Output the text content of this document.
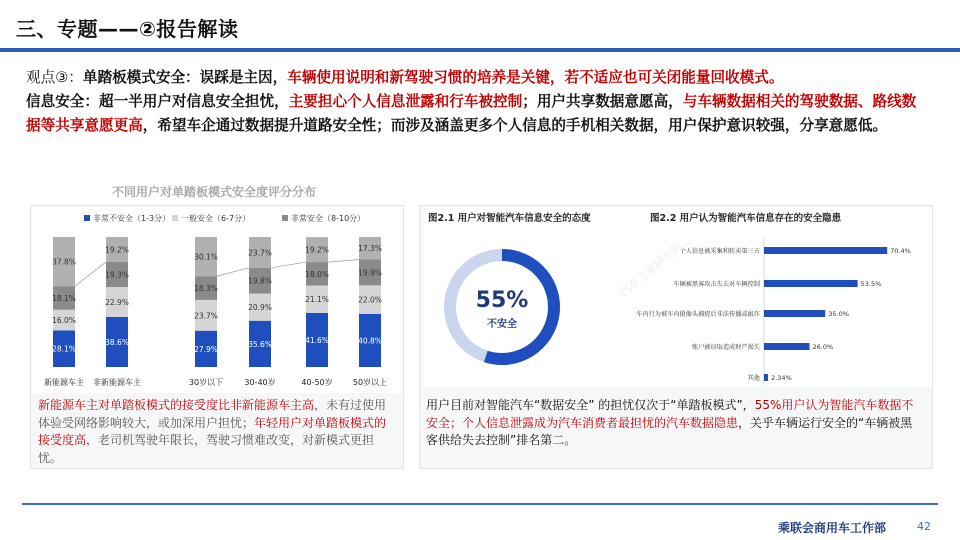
三、专题——②报告解读
观点③：单踏板模式安全：误踩是主因，车辆使用说明和新驾驶习惯的培养是关键，若不适应也可关闭能量回收模式。
信息安全：超一半用户对信息安全担忧，主要担心个人信息泄露和行车被控制；用户共享数据意愿高，与车辆数据相关的驾驶数据、路线数据等共享意愿更高，希望车企通过数据提升道路安全性；而涉及涵盖更多个人信息的手机相关数据，用户保护意识较强，分享意愿低。
不同用户对单踏板模式安全度评分分布
非常不安全（1-3分） 一般安全（6-7分）	非常安全（8-10分）
28.1%
16.0%
18.1%
37.8%
38.6%
22.9%
19.3%
19.2%
27.9%
23.7%
18.3%
30.1%
35.6%
20.9%
19.8%
23.7%
41.6%
21.1%
18.0%
19.2%
40.8%
22.0%
19.9%
17.3%
新能源车主 非新能源车主	30岁以下	30-40岁	40-50岁	50岁以上
新能源车主对单踏板模式的接受度比非新能源车主高，未有过使用体验受网络影响较大，或加深用户担忧；年轻用户对单踏板模式的接受度高，老司机驾驶年限长，驾驶习惯难改变，对新模式更担忧。
图2.1 用户对智能汽车信息安全的态度	图2.2 用户认为智能汽车信息存在的安全隐患
55%
不安全
个人信息被采集和转卖第三方	70.4%
车辆被黑客攻击失去对车辆控制	53.5%
车内行为被车内摄像头捕捉后非法传播或敲诈	35.0%
账户被窃取造成财产损失	26.0%
其他 2.34%
汽车之家研究院
用户目前对智能汽车“数据安全” 的担忧仅次于“单踏板模式”，55%用户认为智能汽车数据不安全；个人信息泄露成为汽车消费者最担忧的汽车数据隐患，关乎车辆运行安全的“车辆被黑客供给失去控制”排名第二。
乘联会商用车工作部	42
